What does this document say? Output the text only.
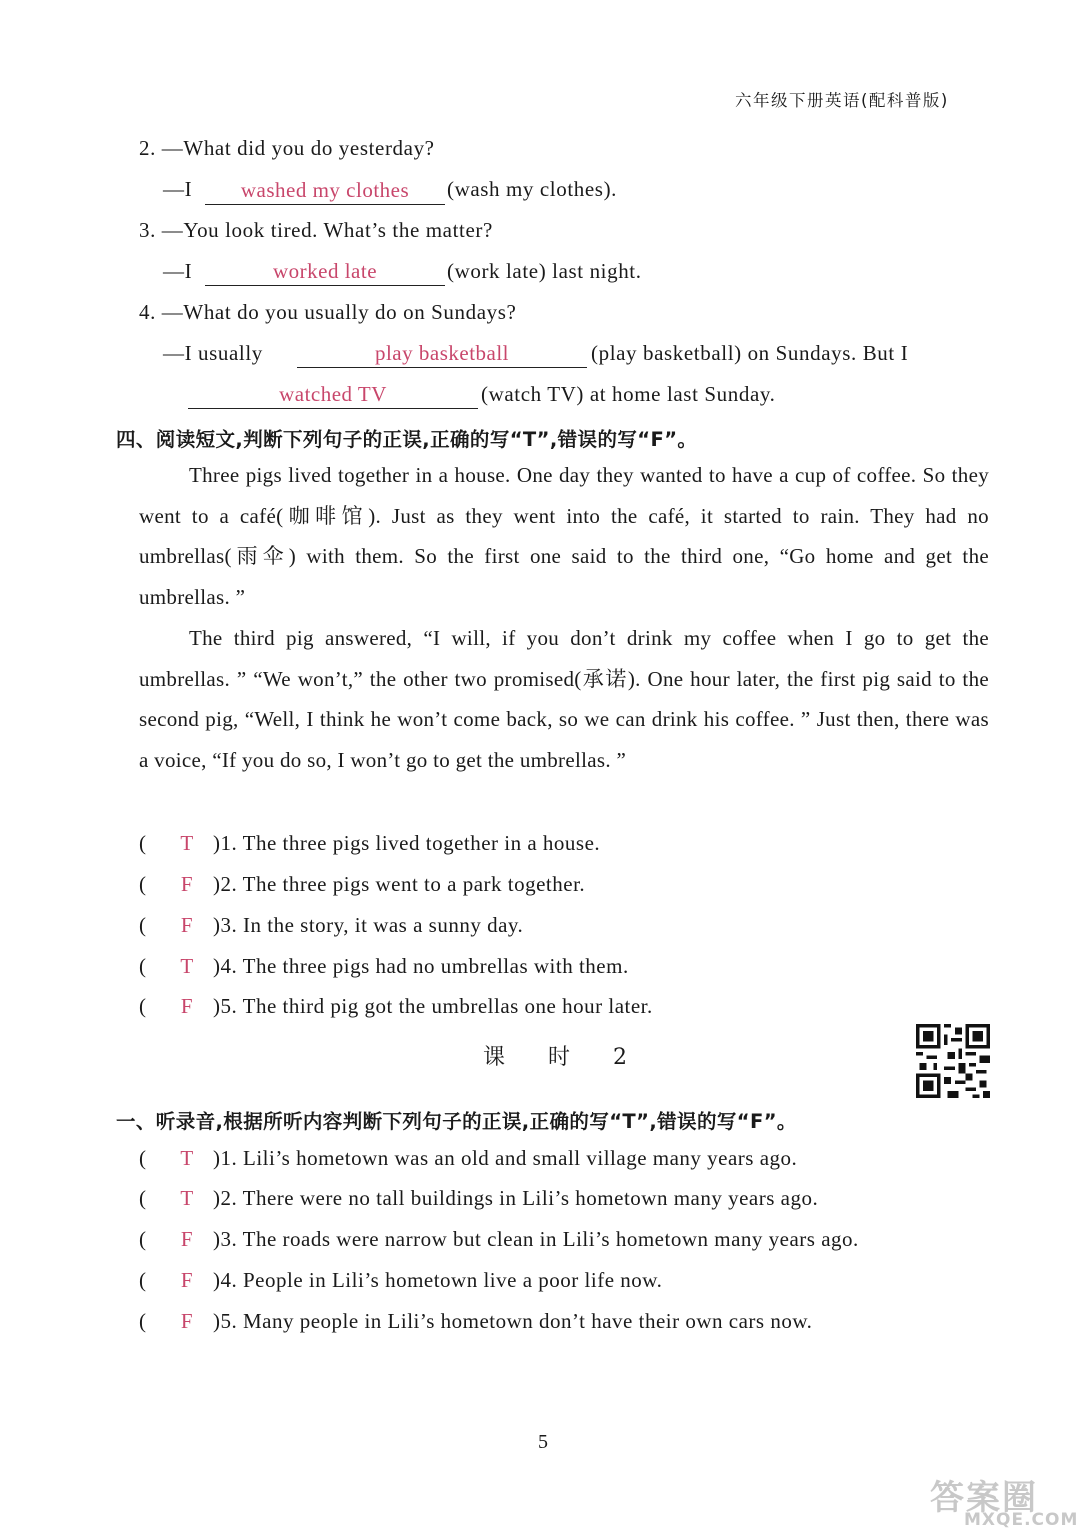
六年级下册英语(配科普版)
2. —What did you do yesterday?
—I	washed my clothes	(wash my clothes).
3. —You look tired. What’s the matter?
—I	worked late	(work late) last night.
4. —What do you usually do on Sundays?
—I usually	play basketball	(play basketball) on Sundays. But I
watched TV	(watch TV) at home last Sunday.
四、阅读短文,判断下列句子的正误,正确的写“T”,错误的写“F”。
Three pigs lived together in a house. One day they wanted to have a cup of coffee. So they went to a café(咖啡馆). Just as they went into the café, it started to rain. They had no umbrellas(雨伞) with them. So the first one said to the third one, “Go home and get the umbrellas. ”
The third pig answered, “I will, if you don’t drink my coffee when I go to get the umbrellas. ” “We won’t,” the other two promised(承诺). One hour later, the first pig said to the second pig, “Well, I think he won’t come back, so we can drink his coffee. ” Just then, there was a voice, “If you do so, I won’t go to get the umbrellas. ”
( T )1. The three pigs lived together in a house.
( F )2. The three pigs went to a park together.
( F )3. In the story, it was a sunny day.
( T )4. The three pigs had no umbrellas with them.
( F )5. The third pig got the umbrellas one hour later.
课 时 2
一、听录音,根据所听内容判断下列句子的正误,正确的写“T”,错误的写“F”。
( T )1. Lili’s hometown was an old and small village many years ago.
( T )2. There were no tall buildings in Lili’s hometown many years ago.
( F )3. The roads were narrow but clean in Lili’s hometown many years ago.
( F )4. People in Lili’s hometown live a poor life now.
( F )5. Many people in Lili’s hometown don’t have their own cars now.
5
答案圈
MXQE.COM
